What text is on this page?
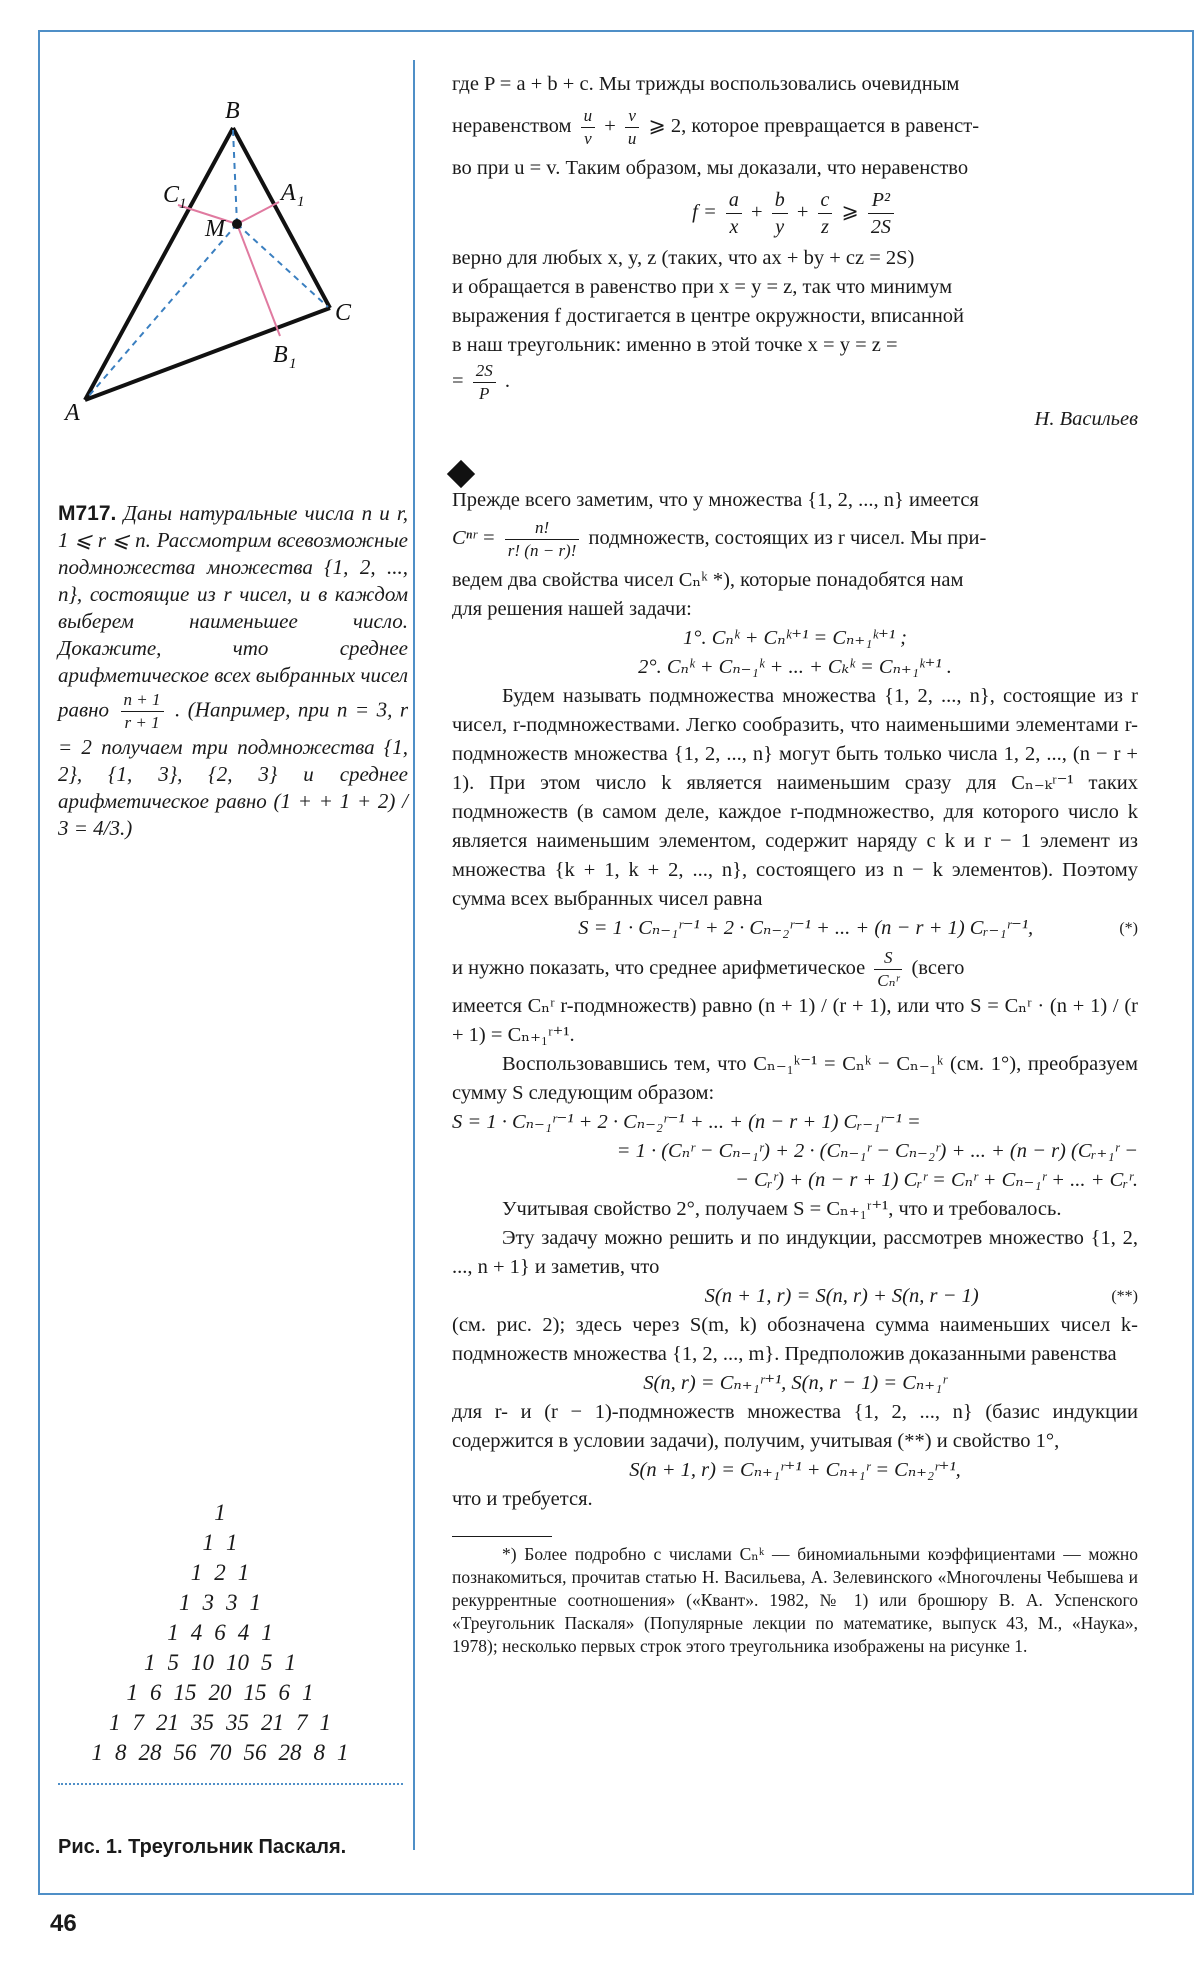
B
C 1	A 1
M
C
B 1
A

где P = a + b + c. Мы трижды воспользовались очевидным

неравенством $\frac{u}{v} + \frac{v}{u}$ ⩾ 2, которое превращается в равенст-

во при u = v. Таким образом, мы доказали, что неравенство

$f = \frac{a}{x} + \frac{b}{y} + \frac{c}{z}$ ⩾ $\frac{\text{P²}}{2S}$

верно для любых x, y, z (таких, что ax + by + cz = 2S)

и обращается в равенство при x = y = z, так что минимум

выражения f достигается в центре окружности, вписанной

в наш треугольник: именно в этой точке x = y = z =

= $\frac{2S}{P}$ .

Н. Васильев

Прежде всего заметим, что у множества {1, 2, ..., n} имеется

Cⁿʳ = $\frac{n!}{r! (n - r)!}$ подмножеств, состоящих из r чисел. Мы при-

ведем два свойства чисел Cₙᵏ *), которые понадобятся нам

для решения нашей задачи:

1°. Cₙᵏ + Cₙᵏ⁺¹ = Cₙ₊₁ᵏ⁺¹ ;

2°. Cₙᵏ + Cₙ₋₁ᵏ + ... + Cₖᵏ = Cₙ₊₁ᵏ⁺¹ .

Будем называть подмножества множества {1, 2, ..., n}, состоящие из r чисел, r-подмножествами. Легко сообразить, что наименьшими элементами r-подмножеств множества {1, 2, ..., n} могут быть только числа 1, 2, ..., (n − r + 1). При этом число k является наименьшим сразу для Cₙ₋ₖʳ⁻¹ таких подмножеств (в самом деле, каждое r-подмножество, для которого число k является наименьшим элементом, содержит наряду с k и r − 1 элемент из множества {k + 1, k + 2, ..., n}, состоящего из n − k элементов). Поэтому сумма всех выбранных чисел равна

S = 1 · Cₙ₋₁ʳ⁻¹ + 2 · Cₙ₋₂ʳ⁻¹ + ... + (n − r + 1) Cᵣ₋₁ʳ⁻¹,	(*)

и нужно показать, что среднее арифметическое $\frac{S}{\text{Cₙʳ}}$ (всего

имеется Cₙʳ r-подмножеств) равно (n + 1) / (r + 1), или что S = Cₙʳ · (n + 1) / (r + 1) = Cₙ₊₁ʳ⁺¹.

Воспользовавшись тем, что Cₙ₋₁ᵏ⁻¹ = Cₙᵏ − Cₙ₋₁ᵏ (см. 1°), преобразуем сумму S следующим образом:

S = 1 · Cₙ₋₁ʳ⁻¹ + 2 · Cₙ₋₂ʳ⁻¹ + ... + (n − r + 1) Cᵣ₋₁ʳ⁻¹ =

= 1 · (Cₙʳ − Cₙ₋₁ʳ) + 2 · (Cₙ₋₁ʳ − Cₙ₋₂ʳ) + ... + (n − r) (Cᵣ₊₁ʳ −

− Cᵣʳ) + (n − r + 1) Cᵣʳ = Cₙʳ + Cₙ₋₁ʳ + ... + Cᵣʳ.

Учитывая свойство 2°, получаем S = Cₙ₊₁ʳ⁺¹, что и требовалось.

Эту задачу можно решить и по индукции, рассмотрев множество {1, 2, ..., n + 1} и заметив, что

S(n + 1, r) = S(n, r) + S(n, r − 1)	(**)

(см. рис. 2); здесь через S(m, k) обозначена сумма наименьших чисел k-подмножеств множества {1, 2, ..., m}. Предположив доказанными равенства

S(n, r) = Cₙ₊₁ʳ⁺¹, S(n, r − 1) = Cₙ₊₁ʳ

для r- и (r − 1)-подмножеств множества {1, 2, ..., n} (базис индукции содержится в условии задачи), получим, учитывая (**) и свойство 1°,

S(n + 1, r) = Cₙ₊₁ʳ⁺¹ + Cₙ₊₁ʳ = Cₙ₊₂ʳ⁺¹,

что и требуется.

*) Более подробно с числами Cₙᵏ — биномиальными коэффициентами — можно познакомиться, прочитав статью Н. Васильева, А. Зелевинского «Многочлены Чебышева и рекуррентные соотношения» («Квант». 1982, № 1) или брошюру В. А. Успенского «Треугольник Паскаля» (Популярные лекции по математике, выпуск 43, М., «Наука», 1978); несколько первых строк этого треугольника изображены на рисунке 1.

М717. Даны натуральные числа n и r, 1 ⩽ r ⩽ n. Рассмотрим всевозможные подмножества множества {1, 2, ..., n}, состоящие из r чисел, и в каждом выберем наименьшее число. Докажите, что среднее арифметическое всех выбранных чисел равно $\frac{n + 1}{r + 1}$ . (Например, при n = 3, r = 2 получаем три подмножества {1, 2}, {1, 3}, {2, 3} и среднее арифметическое равно (1 + + 1 + 2) / 3 = 4/3.)
1
1 1
1 2 1
1 3 3 1
1 4 6 4 1
1 5 10 10 5 1
1 6 15 20 15 6 1
1 7 21 35 35 21 7 1
1 8 28 56 70 56 28 8 1
Рис. 1. Треугольник Паскаля.
46
